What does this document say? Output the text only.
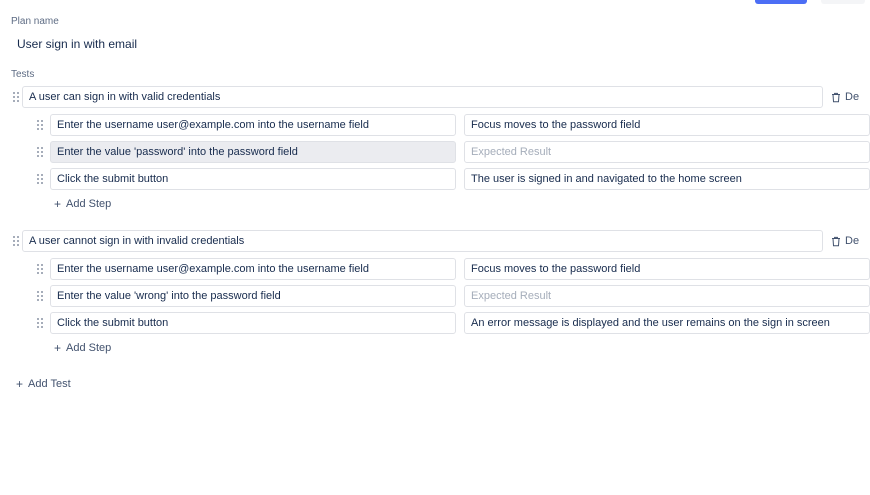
Plan name
User sign in with email
Tests
A user can sign in with valid credentials
De
Enter the username user@example.com into the username field
Focus moves to the password field
Enter the value 'password' into the password field
Expected Result
Click the submit button
The user is signed in and navigated to the home screen
+ Add Step
A user cannot sign in with invalid credentials
De
Enter the username user@example.com into the username field
Focus moves to the password field
Enter the value 'wrong' into the password field
Expected Result
Click the submit button
An error message is displayed and the user remains on the sign in screen
+ Add Step
+ Add Test
